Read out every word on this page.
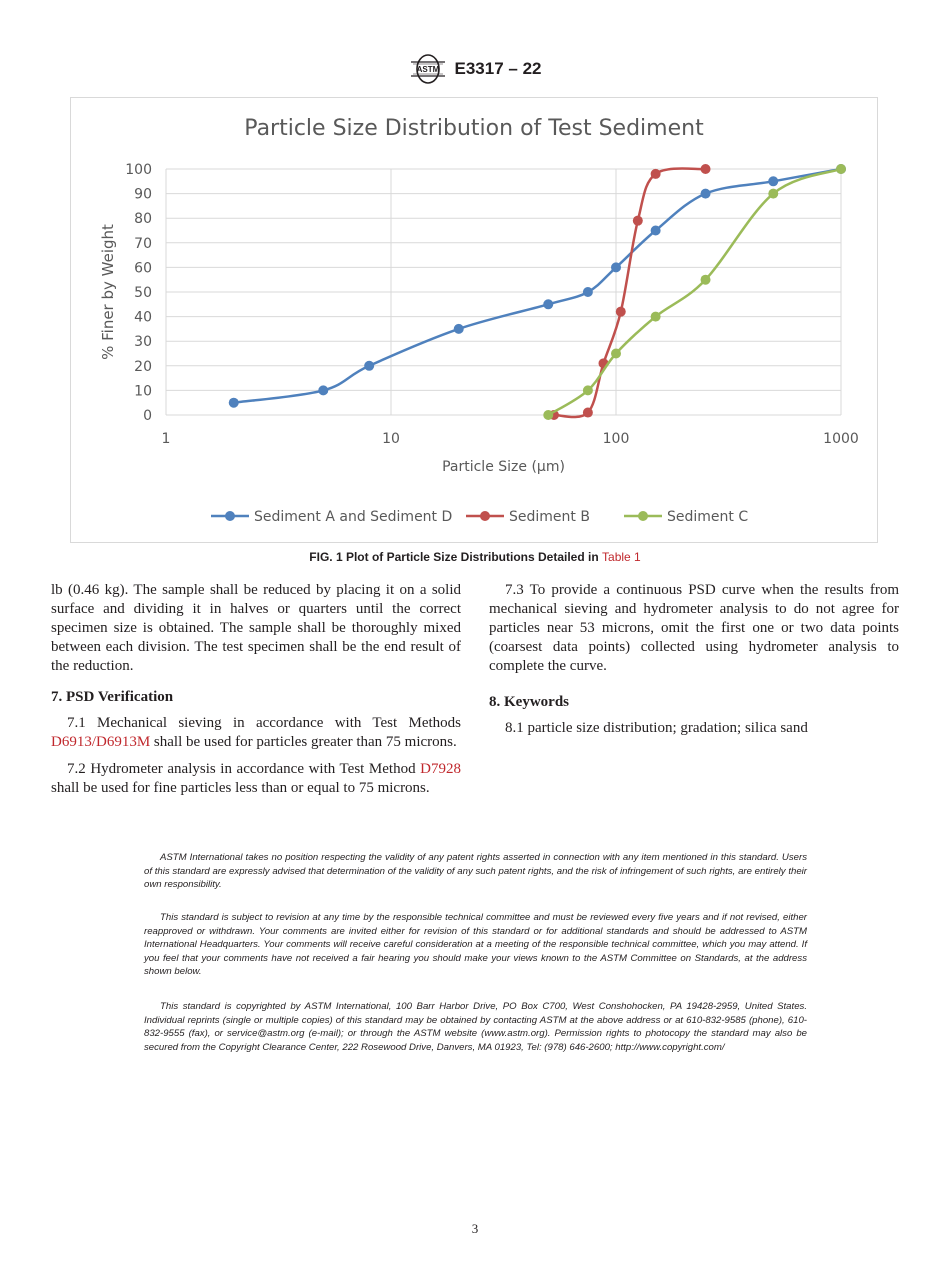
ASTM E3317 – 22
0
10
20
30
40
50
60
70
80
90
100
1	10	100	1000
Particle Size (µm)
% Finer by Weight
Sediment A and Sediment D	Sediment B	Sediment C
Particle Size Distribution of Test Sediment
FIG. 1 Plot of Particle Size Distributions Detailed in Table 1

lb (0.46 kg). The sample shall be reduced by placing it on a solid surface and dividing it in halves or quarters until the correct specimen size is obtained. The sample shall be thoroughly mixed between each division. The test specimen shall be the end result of the reduction.

7. PSD Verification

7.1 Mechanical sieving in accordance with Test Methods D6913/D6913M shall be used for particles greater than 75 microns.

7.2 Hydrometer analysis in accordance with Test Method D7928 shall be used for fine particles less than or equal to 75 microns.

7.3 To provide a continuous PSD curve when the results from mechanical sieving and hydrometer analysis to do not agree for particles near 53 microns, omit the first one or two data points (coarsest data points) collected using hydrometer analysis to complete the curve.

8. Keywords

8.1 particle size distribution; gradation; silica sand

ASTM International takes no position respecting the validity of any patent rights asserted in connection with any item mentioned in this standard. Users of this standard are expressly advised that determination of the validity of any such patent rights, and the risk of infringement of such rights, are entirely their own responsibility.

This standard is subject to revision at any time by the responsible technical committee and must be reviewed every five years and if not revised, either reapproved or withdrawn. Your comments are invited either for revision of this standard or for additional standards and should be addressed to ASTM International Headquarters. Your comments will receive careful consideration at a meeting of the responsible technical committee, which you may attend. If you feel that your comments have not received a fair hearing you should make your views known to the ASTM Committee on Standards, at the address shown below.

This standard is copyrighted by ASTM International, 100 Barr Harbor Drive, PO Box C700, West Conshohocken, PA 19428-2959, United States. Individual reprints (single or multiple copies) of this standard may be obtained by contacting ASTM at the above address or at 610-832-9585 (phone), 610-832-9555 (fax), or service@astm.org (e-mail); or through the ASTM website (www.astm.org). Permission rights to photocopy the standard may also be secured from the Copyright Clearance Center, 222 Rosewood Drive, Danvers, MA 01923, Tel: (978) 646-2600; http://www.copyright.com/

3
